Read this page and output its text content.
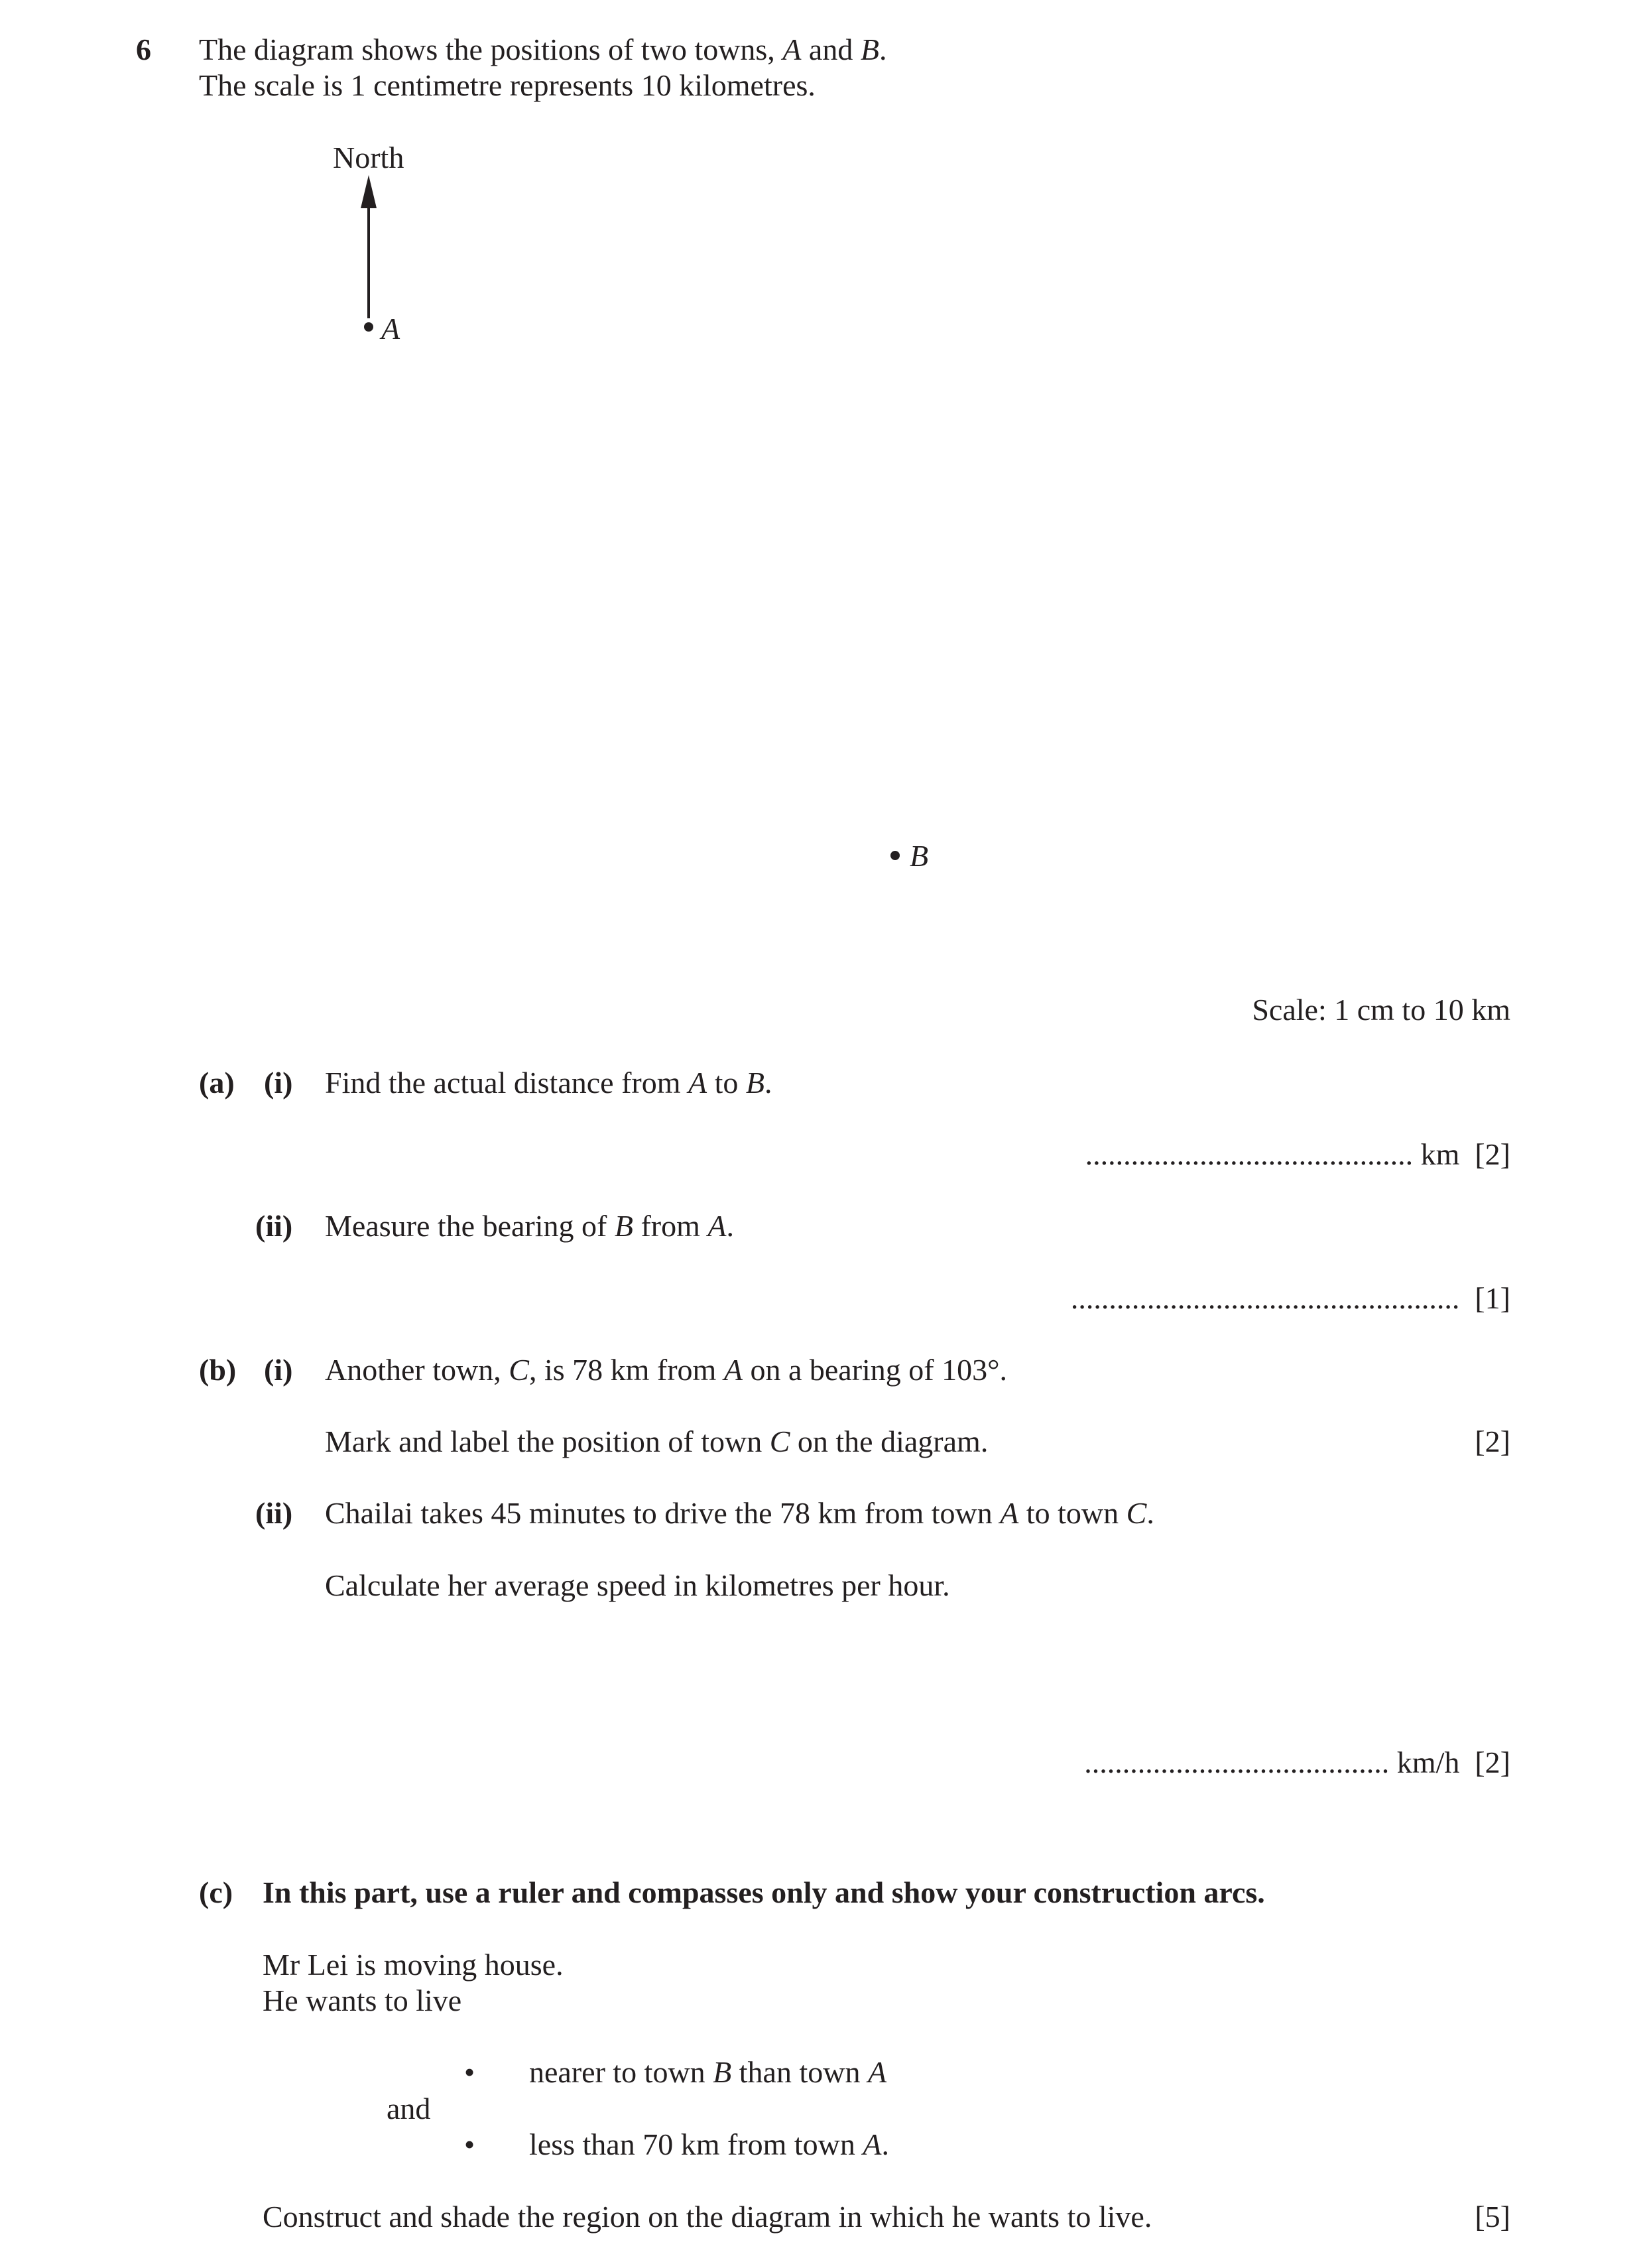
6 The diagram shows the positions of two towns, A and B.
The scale is 1 centimetre represents 10 kilometres.
North
A
B
Scale: 1 cm to 10 km
(a) (i) Find the actual distance from A to B.
........................................... km [2]
(ii) Measure the bearing of B from A.
................................................... [1]
(b) (i) Another town, C, is 78 km from A on a bearing of 103°.
Mark and label the position of town C on the diagram.	[2]
(ii) Chailai takes 45 minutes to drive the 78 km from town A to town C.
Calculate her average speed in kilometres per hour.
........................................ km/h [2]
(c) In this part, use a ruler and compasses only and show your construction arcs.
Mr Lei is moving house.
He wants to live
• nearer to town B than town A
and
• less than 70 km from town A.
Construct and shade the region on the diagram in which he wants to live.	[5]
